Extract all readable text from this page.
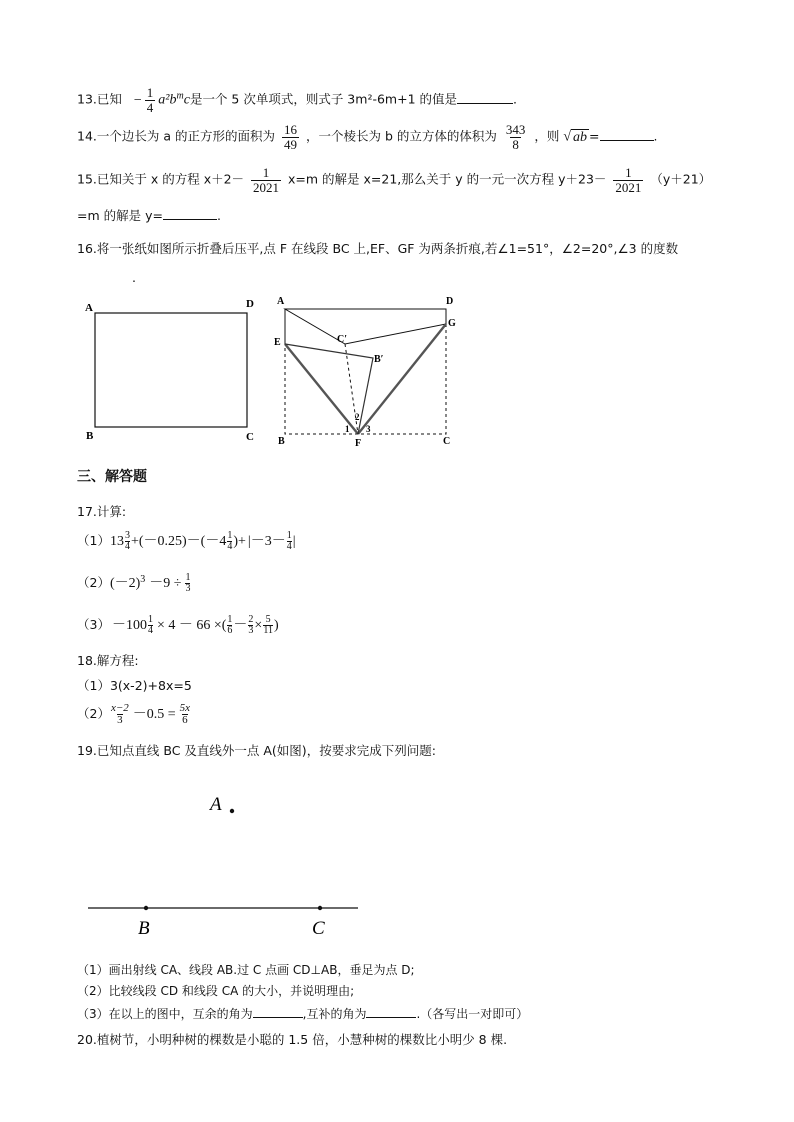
13.已知 − $\frac{1}{4} a^2b^mc$是一个 5 次单项式，则式子 3m²-6m+1 的值是	.
14.一个边长为 a 的正方形的面积为 $\frac{16}{49}$ ，一个棱长为 b 的立方体的体积为 $\frac{343}{8}$ ，则 √ ab =	.
15.已知关于 x 的方程 $x+2- \frac{1}{2021} x=m$ 的解是 x=21,那么关于 y 的一元一次方程 $y+23- \frac{1}{2021} (y+21)$
=m 的解是 y=	.
16.将一张纸如图所示折叠后压平,点 F 在线段 BC 上,EF、GF 为两条折痕,若∠1=51°，∠2=20°,∠3 的度数
.
A	D
B	C
A	D
G
E	C′
B′
B	F	C
1
2
3
三、解答题
17.计算:
$(1)13 \frac{3}{4} +(-0.25)-(-4 \frac{1}{4}$ )+ $|-3- \frac{1}{4}$ |
$(2)(-2)^3 -9 \div \frac{1}{3}$
$(3) -100 \frac{1}{4} \times 4 - 66$ ×( $\frac{1}{6} - \frac{2}{3} \times \frac{5}{11}$ )
18.解方程:
（1）3(x-2)+8x=5
$(2) \frac{x-2}{3} -0.5 = \frac{5x}{6}$
19.已知点直线 BC 及直线外一点 A(如图)，按要求完成下列问题:
A
B	C
（1）画出射线 CA、线段 AB.过 C 点画 CD⊥AB，垂足为点 D;
（2）比较线段 CD 和线段 CA 的大小，并说明理由;
（3）在以上的图中，互余的角为	,互补的角为	.（各写出一对即可）
20.植树节，小明种树的棵数是小聪的 1.5 倍，小慧种树的棵数比小明少 8 棵.
